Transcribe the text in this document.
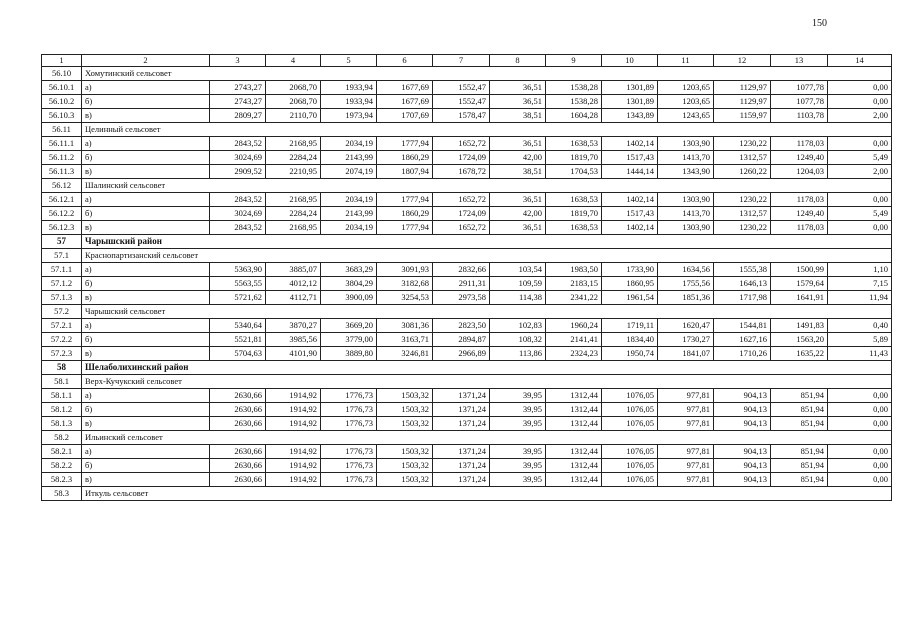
150
1	2	3	4	5	6	7	8	9	10	11	12	13	14
56.10	Хомутинский сельсовет												
56.10.1	а)	2743,27	2068,70	1933,94	1677,69	1552,47	36,51	1538,28	1301,89	1203,65	1129,97	1077,78	0,00
56.10.2	б)	2743,27	2068,70	1933,94	1677,69	1552,47	36,51	1538,28	1301,89	1203,65	1129,97	1077,78	0,00
56.10.3	в)	2809,27	2110,70	1973,94	1707,69	1578,47	38,51	1604,28	1343,89	1243,65	1159,97	1103,78	2,00
56.11	Целинный сельсовет												
56.11.1	а)	2843,52	2168,95	2034,19	1777,94	1652,72	36,51	1638,53	1402,14	1303,90	1230,22	1178,03	0,00
56.11.2	б)	3024,69	2284,24	2143,99	1860,29	1724,09	42,00	1819,70	1517,43	1413,70	1312,57	1249,40	5,49
56.11.3	в)	2909,52	2210,95	2074,19	1807,94	1678,72	38,51	1704,53	1444,14	1343,90	1260,22	1204,03	2,00
56.12	Шалинский сельсовет												
56.12.1	а)	2843,52	2168,95	2034,19	1777,94	1652,72	36,51	1638,53	1402,14	1303,90	1230,22	1178,03	0,00
56.12.2	б)	3024,69	2284,24	2143,99	1860,29	1724,09	42,00	1819,70	1517,43	1413,70	1312,57	1249,40	5,49
56.12.3	в)	2843,52	2168,95	2034,19	1777,94	1652,72	36,51	1638,53	1402,14	1303,90	1230,22	1178,03	0,00
57	Чарышский район												
57.1	Краснопартизанский сельсовет												
57.1.1	а)	5363,90	3885,07	3683,29	3091,93	2832,66	103,54	1983,50	1733,90	1634,56	1555,38	1500,99	1,10
57.1.2	б)	5563,55	4012,12	3804,29	3182,68	2911,31	109,59	2183,15	1860,95	1755,56	1646,13	1579,64	7,15
57.1.3	в)	5721,62	4112,71	3900,09	3254,53	2973,58	114,38	2341,22	1961,54	1851,36	1717,98	1641,91	11,94
57.2	Чарышский сельсовет												
57.2.1	а)	5340,64	3870,27	3669,20	3081,36	2823,50	102,83	1960,24	1719,11	1620,47	1544,81	1491,83	0,40
57.2.2	б)	5521,81	3985,56	3779,00	3163,71	2894,87	108,32	2141,41	1834,40	1730,27	1627,16	1563,20	5,89
57.2.3	в)	5704,63	4101,90	3889,80	3246,81	2966,89	113,86	2324,23	1950,74	1841,07	1710,26	1635,22	11,43
58	Шелаболихинский район												
58.1	Верх-Кучукский сельсовет												
58.1.1	а)	2630,66	1914,92	1776,73	1503,32	1371,24	39,95	1312,44	1076,05	977,81	904,13	851,94	0,00
58.1.2	б)	2630,66	1914,92	1776,73	1503,32	1371,24	39,95	1312,44	1076,05	977,81	904,13	851,94	0,00
58.1.3	в)	2630,66	1914,92	1776,73	1503,32	1371,24	39,95	1312,44	1076,05	977,81	904,13	851,94	0,00
58.2	Ильинский сельсовет												
58.2.1	а)	2630,66	1914,92	1776,73	1503,32	1371,24	39,95	1312,44	1076,05	977,81	904,13	851,94	0,00
58.2.2	б)	2630,66	1914,92	1776,73	1503,32	1371,24	39,95	1312,44	1076,05	977,81	904,13	851,94	0,00
58.2.3	в)	2630,66	1914,92	1776,73	1503,32	1371,24	39,95	1312,44	1076,05	977,81	904,13	851,94	0,00
58.3	Иткуль сельсовет												
